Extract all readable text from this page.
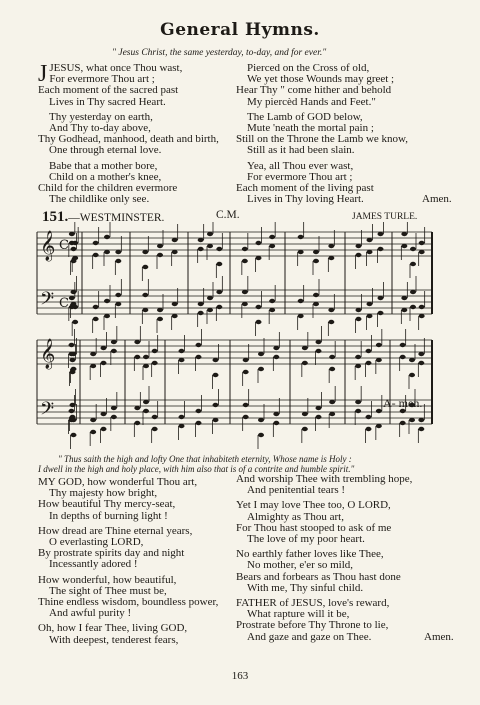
General Hymns.
" Jesus Christ, the same yesterday, to-day, and for ever."
JJESUS, what once Thou wast,
For evermore Thou art ;
Each moment of the sacred past
Lives in Thy sacred Heart.
Thy yesterday on earth,
And Thy to-day above,
Thy Godhead, manhood, death and birth,
One through eternal love.
Babe that a mother bore,
Child on a mother's knee,
Child for the children evermore
The childlike only see.
Pierced on the Cross of old,
We yet those Wounds may greet ;
Hear Thy " come hither and behold
My piercèd Hands and Feet."
The Lamb of GOD below,
Mute 'neath the mortal pain ;
Still on the Throne the Lamb we know,
Still as it had been slain.
Yea, all Thou ever wast,
For evermore Thou art ;
Each moment of the living past
Lives in Thy loving Heart.	Amen.
151.—WESTMINSTER.	C.M.	JAMES TURLE.
𝄞
𝄢
C
C
𝄞
𝄢	A- men.
" Thus saith the high and lofty One that inhabiteth eternity, Whose name is Holy :
I dwell in the high and holy place, with him also that is of a contrite and humble spirit."
MY GOD, how wonderful Thou art,
Thy majesty how bright,
How beautiful Thy mercy-seat,
In depths of burning light !
How dread are Thine eternal years,
O everlasting LORD,
By prostrate spirits day and night
Incessantly adored !
How wonderful, how beautiful,
The sight of Thee must be,
Thine endless wisdom, boundless power,
And awful purity !
Oh, how I fear Thee, living GOD,
With deepest, tenderest fears,
And worship Thee with trembling hope,
And penitential tears !
Yet I may love Thee too, O LORD,
Almighty as Thou art,
For Thou hast stooped to ask of me
The love of my poor heart.
No earthly father loves like Thee,
No mother, e'er so mild,
Bears and forbears as Thou hast done
With me, Thy sinful child.
FATHER of JESUS, love's reward,
What rapture will it be,
Prostrate before Thy Throne to lie,
And gaze and gaze on Thee.	Amen.
163
